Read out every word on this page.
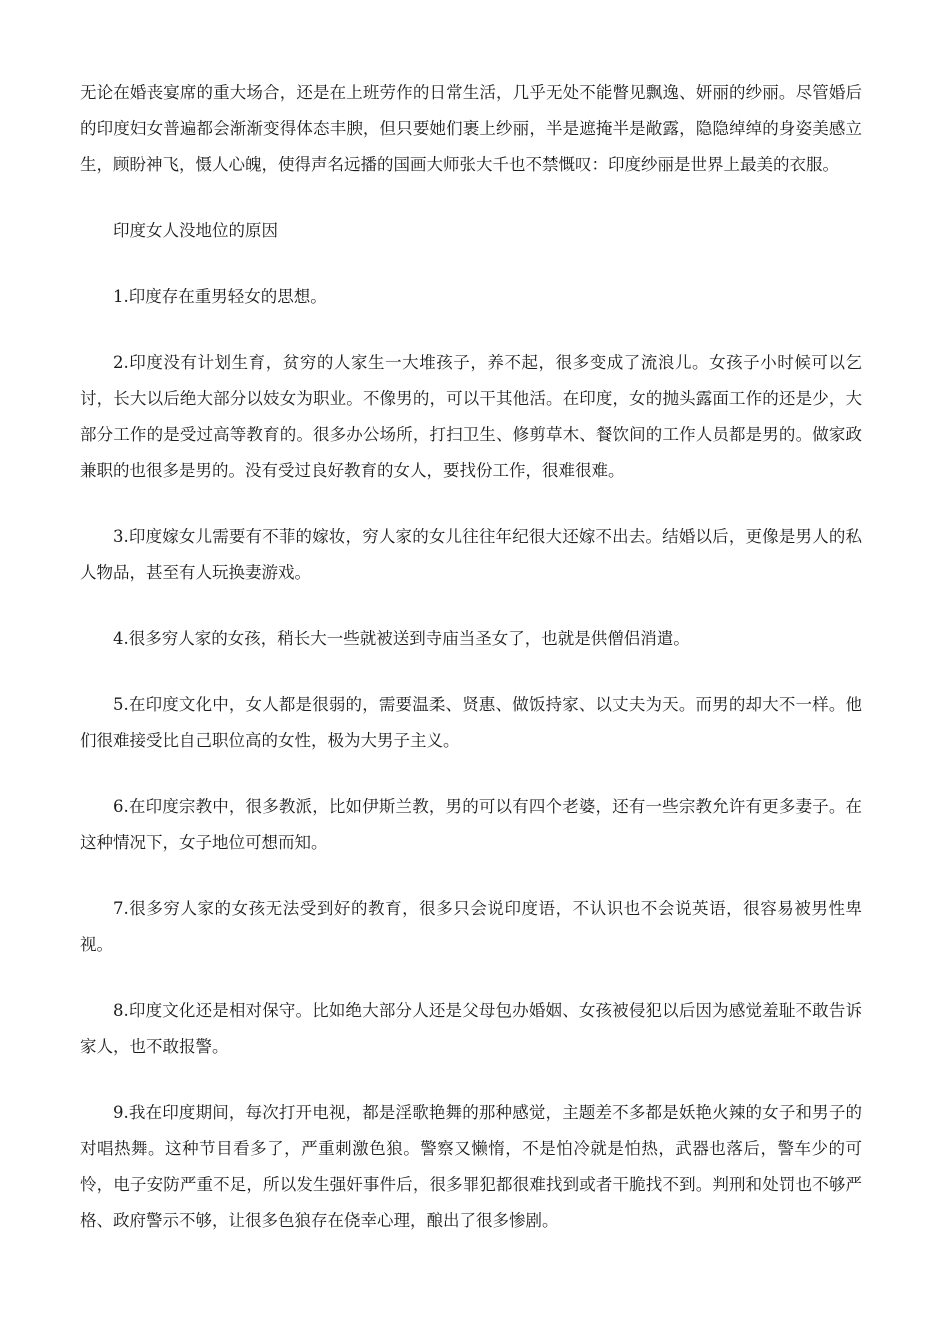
无论在婚丧宴席的重大场合，还是在上班劳作的日常生活，几乎无处不能瞥见飘逸、妍丽的纱丽。尽管婚后的印度妇女普遍都会渐渐变得体态丰腴，但只要她们裹上纱丽，半是遮掩半是敞露，隐隐绰绰的身姿美感立生，顾盼神飞，慑人心魄，使得声名远播的国画大师张大千也不禁慨叹：印度纱丽是世界上最美的衣服。

印度女人没地位的原因

1.印度存在重男轻女的思想。

2.印度没有计划生育，贫穷的人家生一大堆孩子，养不起，很多变成了流浪儿。女孩子小时候可以乞讨，长大以后绝大部分以妓女为职业。不像男的，可以干其他活。在印度，女的抛头露面工作的还是少，大部分工作的是受过高等教育的。很多办公场所，打扫卫生、修剪草木、餐饮间的工作人员都是男的。做家政兼职的也很多是男的。没有受过良好教育的女人，要找份工作，很难很难。

3.印度嫁女儿需要有不菲的嫁妆，穷人家的女儿往往年纪很大还嫁不出去。结婚以后，更像是男人的私人物品，甚至有人玩换妻游戏。

4.很多穷人家的女孩，稍长大一些就被送到寺庙当圣女了，也就是供僧侣消遣。

5.在印度文化中，女人都是很弱的，需要温柔、贤惠、做饭持家、以丈夫为天。而男的却大不一样。他们很难接受比自己职位高的女性，极为大男子主义。

6.在印度宗教中，很多教派，比如伊斯兰教，男的可以有四个老婆，还有一些宗教允许有更多妻子。在这种情况下，女子地位可想而知。

7.很多穷人家的女孩无法受到好的教育，很多只会说印度语，不认识也不会说英语，很容易被男性卑视。

8.印度文化还是相对保守。比如绝大部分人还是父母包办婚姻、女孩被侵犯以后因为感觉羞耻不敢告诉家人，也不敢报警。

9.我在印度期间，每次打开电视，都是淫歌艳舞的那种感觉，主题差不多都是妖艳火辣的女子和男子的对唱热舞。这种节目看多了，严重刺激色狼。警察又懒惰，不是怕冷就是怕热，武器也落后，警车少的可怜，电子安防严重不足，所以发生强奸事件后，很多罪犯都很难找到或者干脆找不到。判刑和处罚也不够严格、政府警示不够，让很多色狼存在侥幸心理，酿出了很多惨剧。
